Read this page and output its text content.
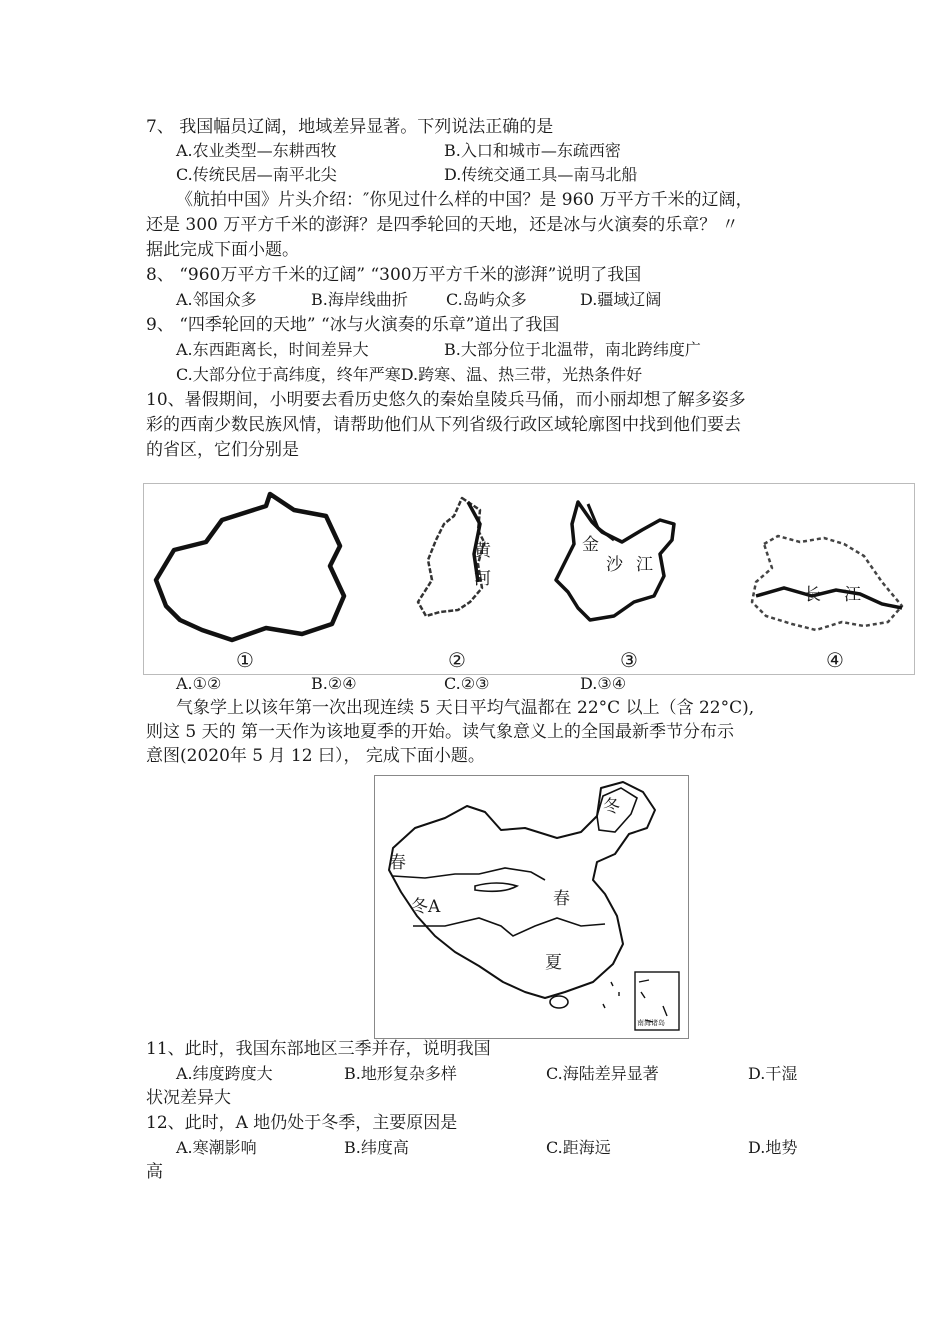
7、 我国幅员辽阔，地域差异显著。下列说法正确的是
A.农业类型—东耕西牧	B.入口和城市—东疏西密
C.传统民居—南平北尖	D.传统交通工具—南马北船
《航拍中国》片头介绍：″你见过什么样的中国？是 960 万平方千米的辽阔，
还是 300 万平方千米的澎湃？是四季轮回的天地，还是冰与火演奏的乐章？ 〃
据此完成下面小题。
8、 “960万平方千米的辽阔” “300万平方千米的澎湃”说明了我国
A.邻国众多	B.海岸线曲折 C.岛屿众多	D.疆域辽阔
9、 “四季轮回的天地” “冰与火演奏的乐章”道出了我国
A.东西距离长，时间差异大	B.大部分位于北温带，南北跨纬度广
C.大部分位于高纬度，终年严寒D.跨寒、温、热三带，光热条件好
10、暑假期间，小明要去看历史悠久的秦始皇陵兵马俑，而小丽却想了解多姿多
彩的西南少数民族风情，请帮助他们从下列省级行政区域轮廓图中找到他们要去
的省区，它们分别是
黄
河
金
沙 江
长 江
①	②	③	④
A.①②	B.②④	C.②③	D.③④
气象学上以该年第一次出现连续 5 天日平均气温都在 22°C 以上（含 22°C),
则这 5 天的 第一天作为该地夏季的开始。读气象意义上的全国最新季节分布示
意图(2020年 5 月 12 曰）， 完成下面小题。
冬
春
冬A	春
夏
南海诸岛
11、此时，我国东部地区三季并存，说明我国
A.纬度跨度大	B.地形复杂多样	C.海陆差异显著	D.干湿
状况差异大
12、此时，A 地仍处于冬季，主要原因是
A.寒潮影响	B.纬度高	C.距海远	D.地势
高
